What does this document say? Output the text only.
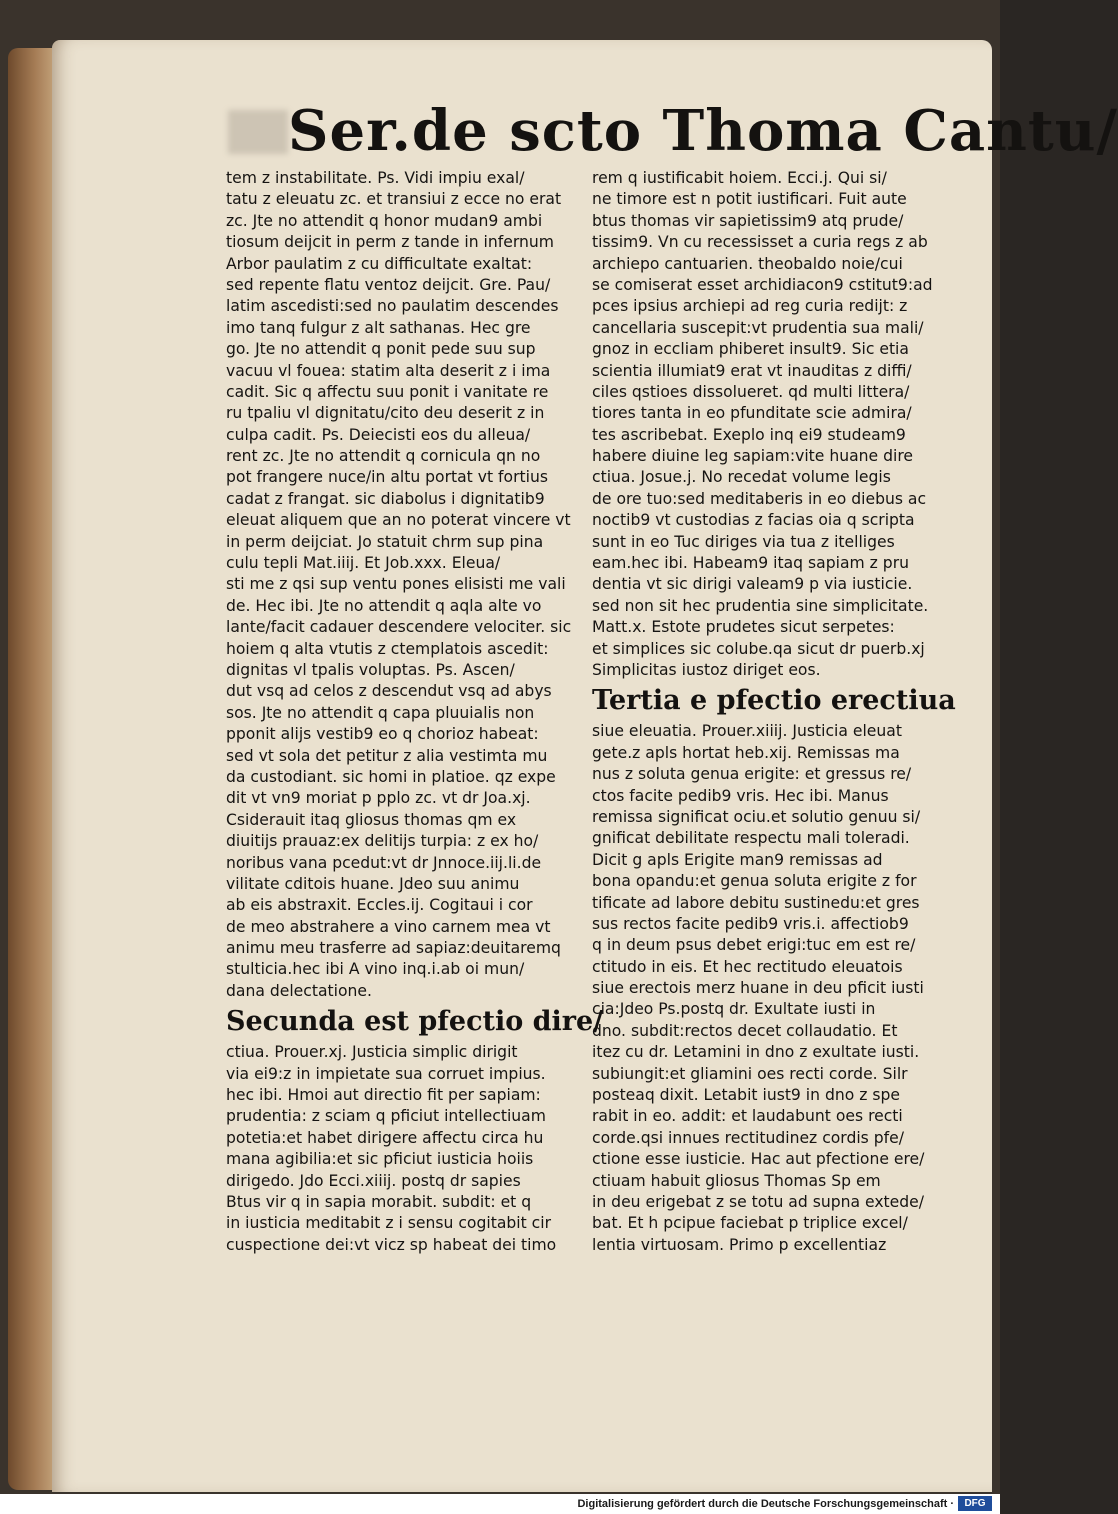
Ser.de scto Thoma Cantu/
tem z instabilitate. Ps. Vidi impiu exal/
tatu z eleuatu zc. et transiui z ecce no erat
zc. Jte no attendit q honor mudan9 ambi
tiosum deijcit in perm z tande in infernum
Arbor paulatim z cu difficultate exaltat:
sed repente flatu ventoz deijcit. Gre. Pau/
latim ascedisti:sed no paulatim descendes
imo tanq fulgur z alt sathanas. Hec gre
go. Jte no attendit q ponit pede suu sup
vacuu vl fouea: statim alta deserit z i ima
cadit. Sic q affectu suu ponit i vanitate re
ru tpaliu vl dignitatu/cito deu deserit z in
culpa cadit. Ps. Deiecisti eos du alleua/
rent zc. Jte no attendit q cornicula qn no
pot frangere nuce/in altu portat vt fortius
cadat z frangat. sic diabolus i dignitatib9
eleuat aliquem que an no poterat vincere vt
in perm deijciat. Jo statuit chrm sup pina
culu tepli Mat.iiij. Et Job.xxx. Eleua/
sti me z qsi sup ventu pones elisisti me vali
de. Hec ibi. Jte no attendit q aqla alte vo
lante/facit cadauer descendere velociter. sic
hoiem q alta vtutis z ctemplatois ascedit:
dignitas vl tpalis voluptas. Ps. Ascen/
dut vsq ad celos z descendut vsq ad abys
sos. Jte no attendit q capa pluuialis non
pponit alijs vestib9 eo q chorioz habeat:
sed vt sola det petitur z alia vestimta mu
da custodiant. sic homi in platioe. qz expe
dit vt vn9 moriat p pplo zc. vt dr Joa.xj.
Csiderauit itaq gliosus thomas qm ex
diuitijs prauaz:ex delitijs turpia: z ex ho/
noribus vana pcedut:vt dr Jnnoce.iij.li.de
vilitate cditois huane. Jdeo suu animu
ab eis abstraxit. Eccles.ij. Cogitaui i cor
de meo abstrahere a vino carnem mea vt
animu meu trasferre ad sapiaz:deuitaremq
stulticia.hec ibi A vino inq.i.ab oi mun/
dana delectatione.
Secunda est pfectio dire/
ctiua. Prouer.xj. Justicia simplic dirigit
via ei9:z in impietate sua corruet impius.
hec ibi. Hmoi aut directio fit per sapiam:
prudentia: z sciam q pficiut intellectiuam
potetia:et habet dirigere affectu circa hu
mana agibilia:et sic pficiut iusticia hoiis
dirigedo. Jdo Ecci.xiiij. postq dr sapies
Btus vir q in sapia morabit. subdit: et q
in iusticia meditabit z i sensu cogitabit cir
cuspectione dei:vt vicz sp habeat dei timo
rem q iustificabit hoiem. Ecci.j. Qui si/
ne timore est n potit iustificari. Fuit aute
btus thomas vir sapietissim9 atq prude/
tissim9. Vn cu recessisset a curia regs z ab
archiepo cantuarien. theobaldo noie/cui
se comiserat esset archidiacon9 cstitut9:ad
pces ipsius archiepi ad reg curia redijt: z
cancellaria suscepit:vt prudentia sua mali/
gnoz in eccliam phiberet insult9. Sic etia
scientia illumiat9 erat vt inauditas z diffi/
ciles qstioes dissolueret. qd multi littera/
tiores tanta in eo pfunditate scie admira/
tes ascribebat. Exeplo inq ei9 studeam9
habere diuine leg sapiam:vite huane dire
ctiua. Josue.j. No recedat volume legis
de ore tuo:sed meditaberis in eo diebus ac
noctib9 vt custodias z facias oia q scripta
sunt in eo Tuc diriges via tua z itelliges
eam.hec ibi. Habeam9 itaq sapiam z pru
dentia vt sic dirigi valeam9 p via iusticie.
sed non sit hec prudentia sine simplicitate.
Matt.x. Estote prudetes sicut serpetes:
et simplices sic colube.qa sicut dr puerb.xj
Simplicitas iustoz diriget eos.
Tertia e pfectio erectiua
siue eleuatia. Prouer.xiiij. Justicia eleuat
gete.z apls hortat heb.xij. Remissas ma
nus z soluta genua erigite: et gressus re/
ctos facite pedib9 vris. Hec ibi. Manus
remissa significat ociu.et solutio genuu si/
gnificat debilitate respectu mali toleradi.
Dicit g apls Erigite man9 remissas ad
bona opandu:et genua soluta erigite z for
tificate ad labore debitu sustinedu:et gres
sus rectos facite pedib9 vris.i. affectiob9
q in deum psus debet erigi:tuc em est re/
ctitudo in eis. Et hec rectitudo eleuatois
siue erectois merz huane in deu pficit iusti
cia:Jdeo Ps.postq dr. Exultate iusti in
dno. subdit:rectos decet collaudatio. Et
itez cu dr. Letamini in dno z exultate iusti.
subiungit:et gliamini oes recti corde. Silr
posteaq dixit. Letabit iust9 in dno z spe
rabit in eo. addit: et laudabunt oes recti
corde.qsi innues rectitudinez cordis pfe/
ctione esse iusticie. Hac aut pfectione ere/
ctiuam habuit gliosus Thomas Sp em
in deu erigebat z se totu ad supna extede/
bat. Et h pcipue faciebat p triplice excel/
lentia virtuosam. Primo p excellentiaz
Digitalisierung gefördert durch die Deutsche Forschungsgemeinschaft ·	DFG
